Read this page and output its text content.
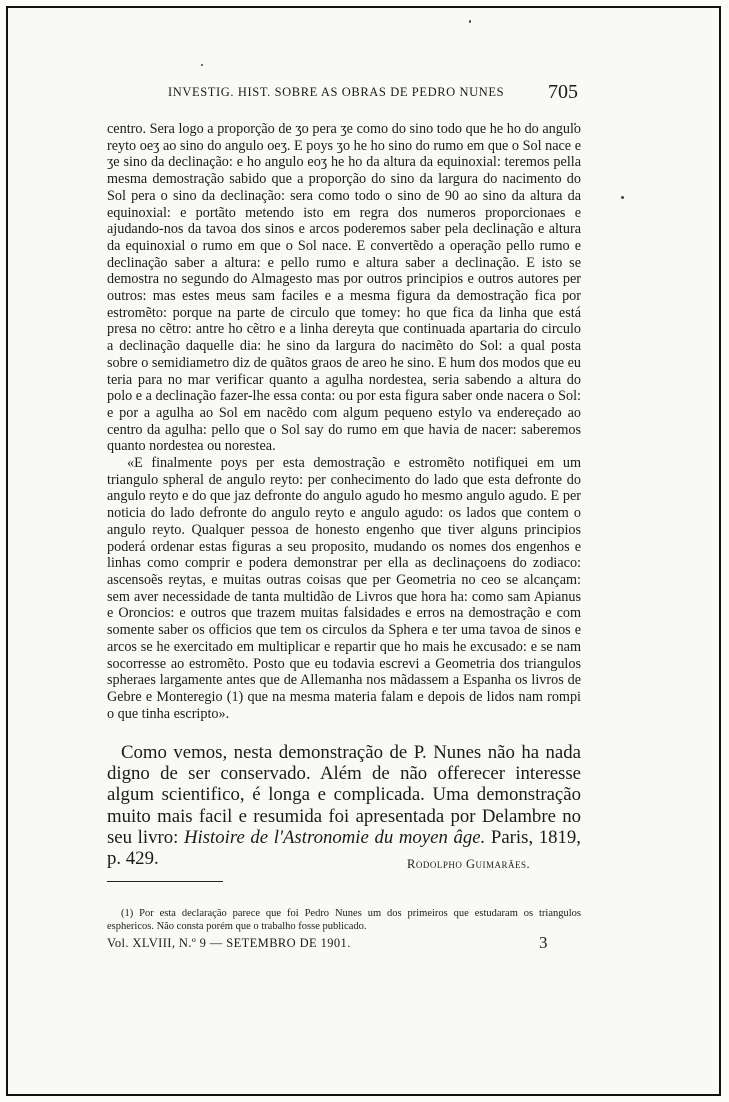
INVESTIG. HIST. SOBRE AS OBRAS DE PEDRO NUNES 705

centro. Sera logo a proporção de ʒo pera ʒe como do sino todo que he ho do angulo reyto oeʒ ao sino do angulo oeʒ. E poys ʒo he ho sino do rumo em que o Sol nace e ʒe sino da declinação: e ho angulo eoʒ he ho da altura da equinoxial: teremos pella mesma demostração sabido que a proporção do sino da largura do nacimento do Sol pera o sino da declinação: sera como todo o sino de 90 ao sino da altura da equinoxial: e portãto metendo isto em regra dos numeros proporcionaes e ajudando-nos da tavoa dos sinos e arcos poderemos saber pela declinação e altura da equinoxial o rumo em que o Sol nace. E convertẽdo a operação pello rumo e declinação saber a altura: e pello rumo e altura saber a declinação. E isto se demostra no segundo do Almagesto mas por outros principios e outros autores per outros: mas estes meus sam faciles e a mesma figura da demostração fica por estromẽto: porque na parte de circulo que tomey: ho que fica da linha que está presa no cẽtro: antre ho cẽtro e a linha dereyta que continuada apartaria do circulo a declinação daquelle dia: he sino da largura do nacimẽto do Sol: a qual posta sobre o semidiametro diz de quãtos graos de areo he sino. E hum dos modos que eu teria para no mar verificar quanto a agulha nordestea, seria sabendo a altura do polo e a declinação fazer-lhe essa conta: ou por esta figura saber onde nacera o Sol: e por a agulha ao Sol em nacẽdo com algum pequeno estylo va endereçado ao centro da agulha: pello que o Sol say do rumo em que havia de nacer: saberemos quanto nordestea ou norestea.

«E finalmente poys per esta demostração e estromẽto notifiquei em um triangulo spheral de angulo reyto: per conhecimento do lado que esta defronte do angulo reyto e do que jaz defronte do angulo agudo ho mesmo angulo agudo. E per noticia do lado defronte do angulo reyto e angulo agudo: os lados que contem o angulo reyto. Qualquer pessoa de honesto engenho que tiver alguns principios poderá ordenar estas figuras a seu proposito, mudando os nomes dos engenhos e linhas como comprir e podera demonstrar per ella as declinaçoens do zodiaco: ascensoẽs reytas, e muitas outras coisas que per Geometria no ceo se alcançam: sem aver necessidade de tanta multidão de Livros que hora ha: como sam Apianus e Oroncios: e outros que trazem muitas falsidades e erros na demostração e com somente saber os officios que tem os circulos da Sphera e ter uma tavoa de sinos e arcos se he exercitado em multiplicar e repartir que ho mais he excusado: e se nam socorresse ao estromẽto. Posto que eu todavia escrevi a Geometria dos triangulos spheraes largamente antes que de Allemanha nos mãdassem a Espanha os livros de Gebre e Monteregio (1) que na mesma materia falam e depois de lidos nam rompi o que tinha escripto».

Como vemos, nesta demonstração de P. Nunes não ha nada digno de ser conservado. Além de não offerecer interesse algum scientifico, é longa e complicada. Uma demonstração muito mais facil e resumida foi apresentada por Delambre no seu livro: Histoire de l'Astronomie du moyen âge. Paris, 1819, p. 429.	Rodolpho Guimarães.
(1) Por esta declaração parece que foi Pedro Nunes um dos primeiros que estudaram os triangulos esphericos. Não consta porém que o trabalho fosse publicado.
Vol. XLVIII, N.º 9 — SETEMBRO DE 1901.	3
